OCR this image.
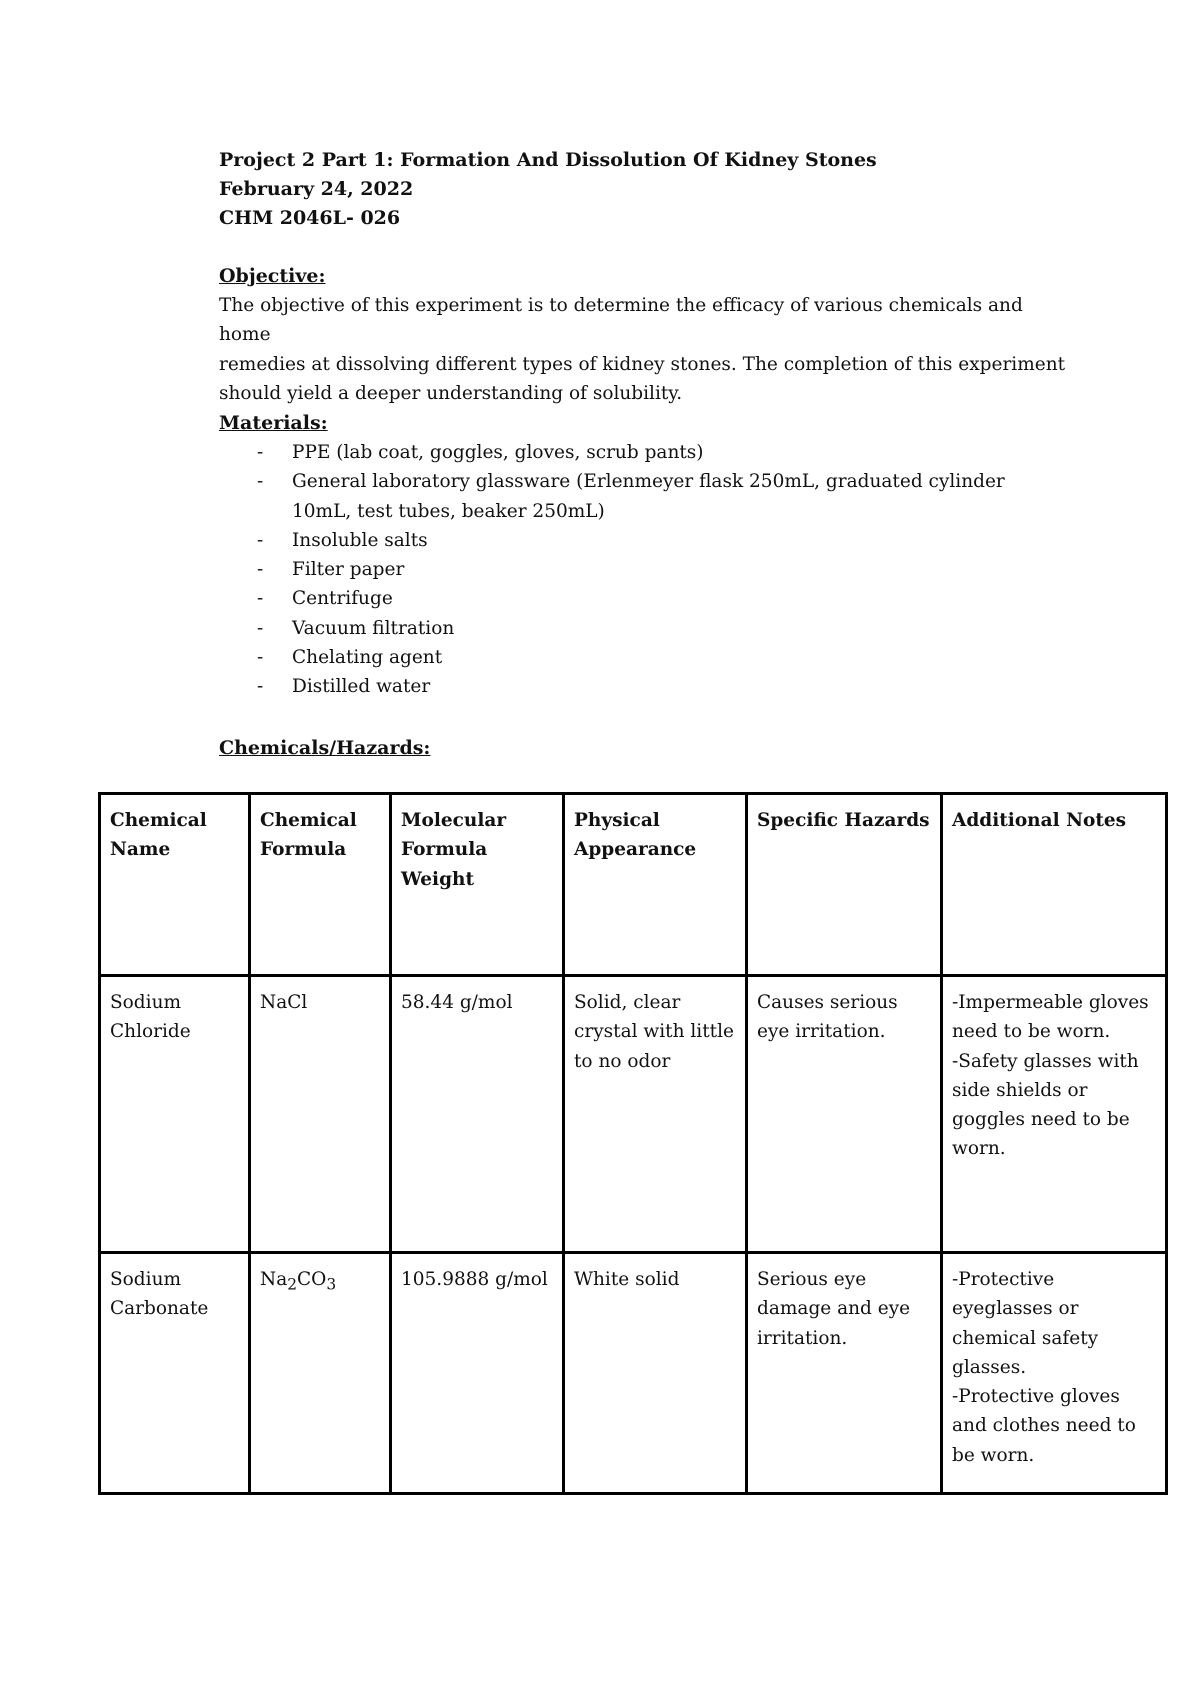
Project 2 Part 1: Formation And Dissolution Of Kidney Stones

February 24, 2022

CHM 2046L- 026

Objective:

The objective of this experiment is to determine the efficacy of various chemicals and home

remedies at dissolving different types of kidney stones. The completion of this experiment

should yield a deeper understanding of solubility.

Materials:

- PPE (lab coat, goggles, gloves, scrub pants)
- General laboratory glassware (Erlenmeyer flask 250mL, graduated cylinder 10mL, test tubes, beaker 250mL)
- Insoluble salts
- Filter paper
- Centrifuge
- Vacuum filtration
- Chelating agent
- Distilled water

Chemicals/Hazards:

Chemical Name	Chemical Formula	Molecular Formula Weight	Physical Appearance	Specific Hazards	Additional Notes
Sodium Chloride	NaCl	58.44 g/mol	Solid, clear crystal with little to no odor	Causes serious eye irritation.	-Impermeable gloves need to be worn.
-Safety glasses with side shields or goggles need to be worn.

Sodium Carbonate	$Na_2CO_3$	105.9888 g/mol	White solid	Serious eye damage and eye irritation.	-Protective eyeglasses or chemical safety glasses.
-Protective gloves and clothes need to be worn.
